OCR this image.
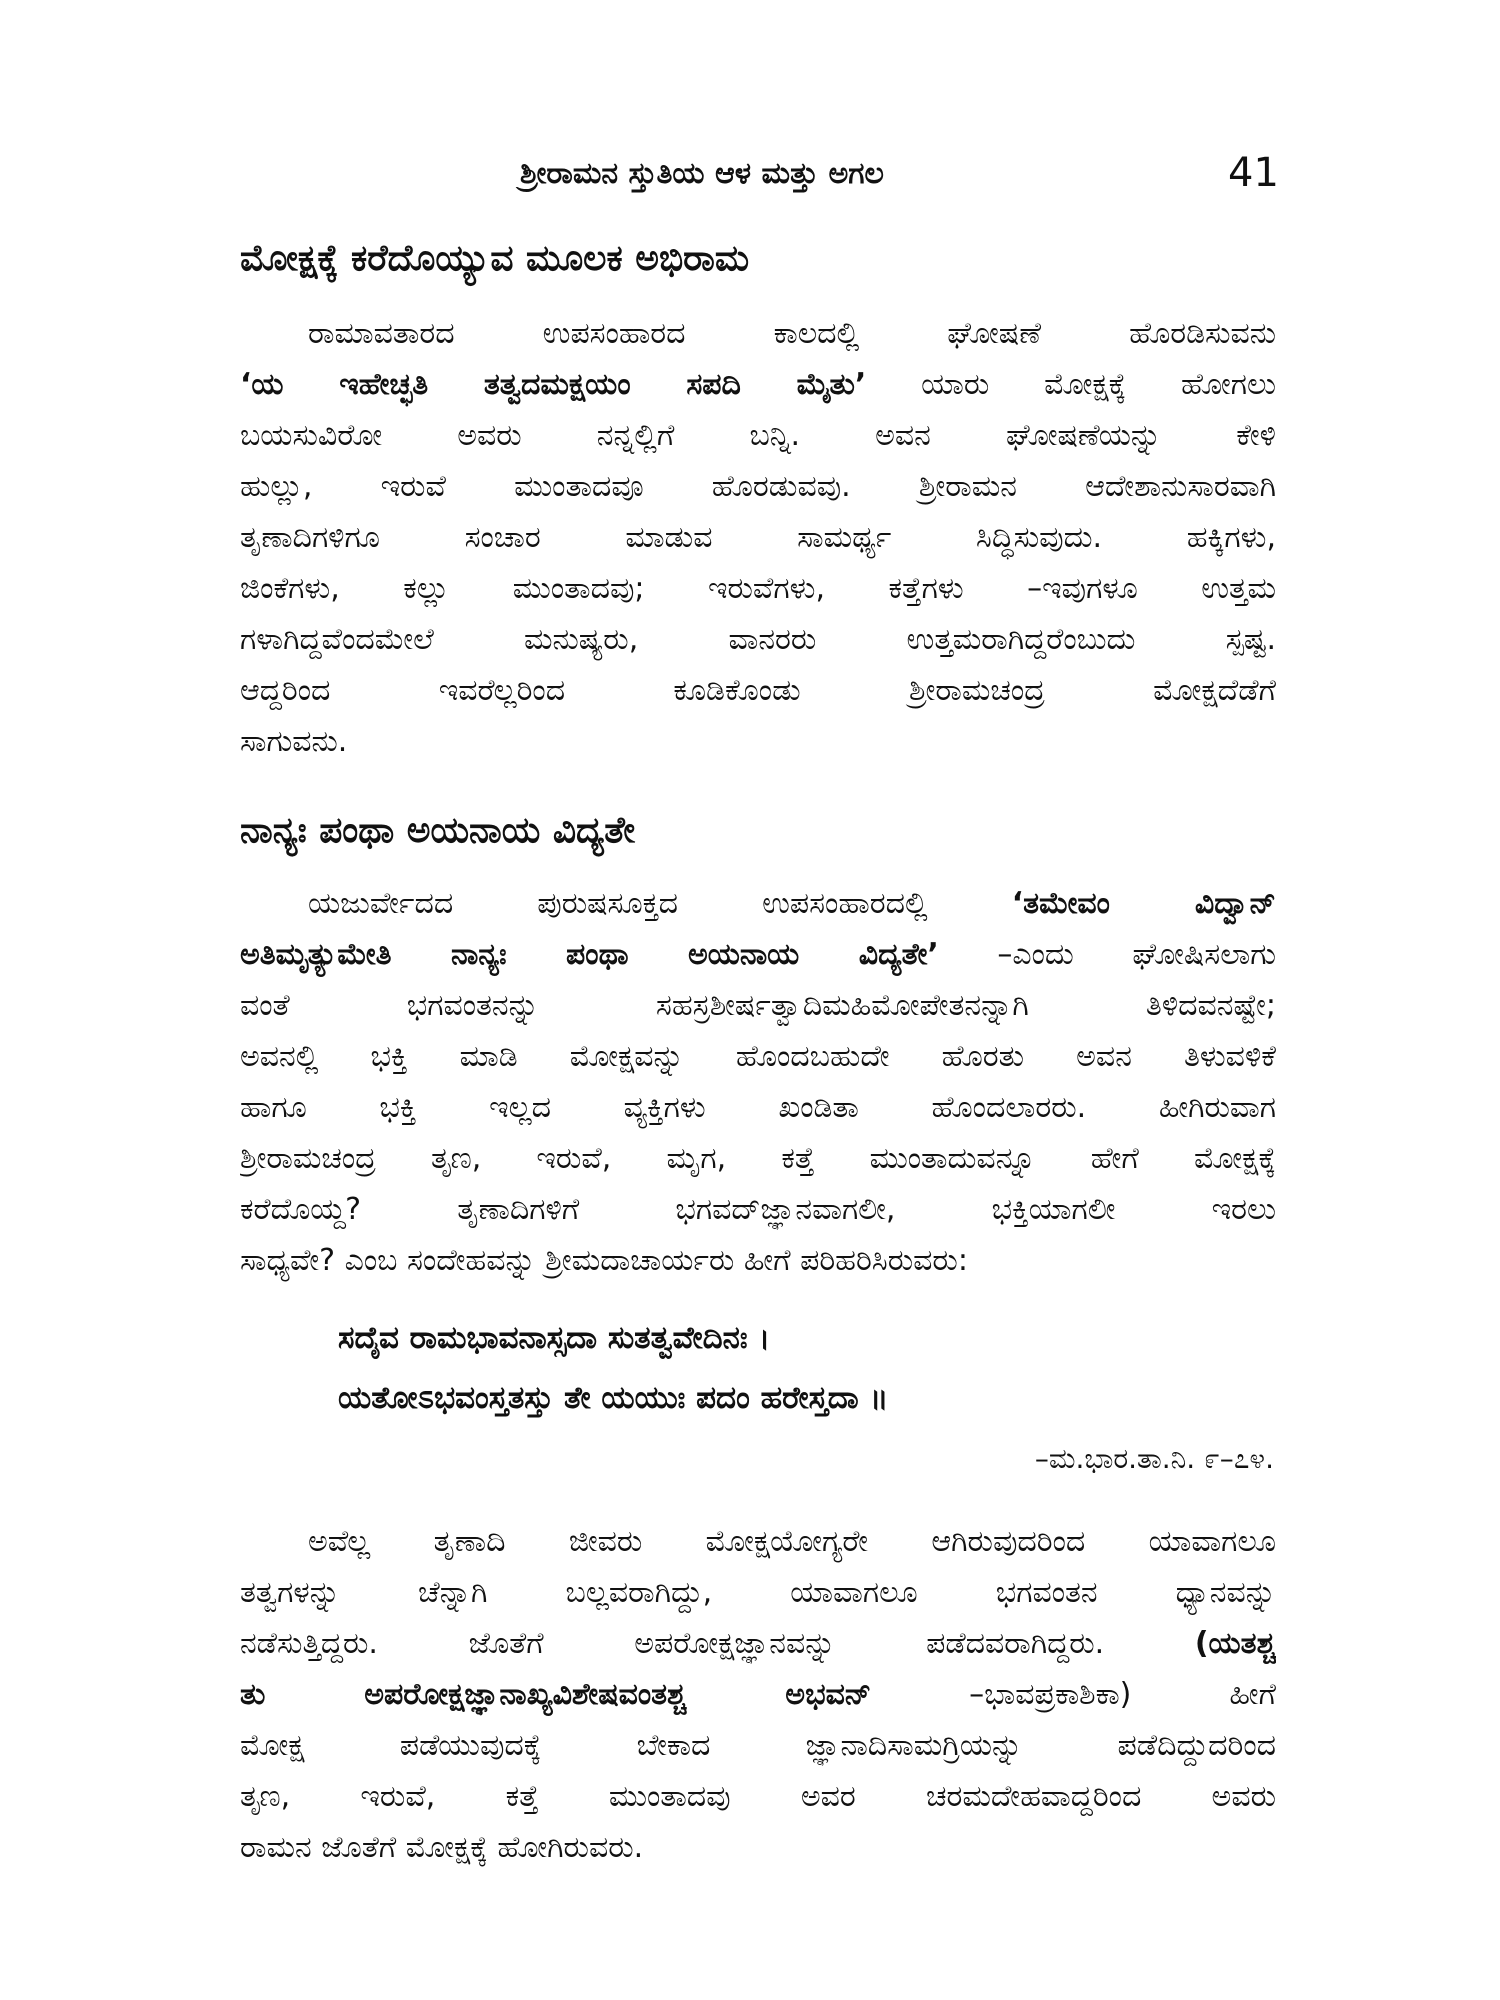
ಶ್ರೀರಾಮನ ಸ್ತುತಿಯ ಆಳ ಮತ್ತು ಅಗಲ	41
ಮೋಕ್ಷಕ್ಕೆ ಕರೆದೊಯ್ಯುವ ಮೂಲಕ ಅಭಿರಾಮ
ರಾಮಾವತಾರದ ಉಪಸಂಹಾರದ ಕಾಲದಲ್ಲಿ ಘೋಷಣೆ ಹೊರಡಿಸುವನು
‘ಯ ಇಹೇಚ್ಛತಿ ತತ್ವದಮಕ್ಷಯಂ ಸಪದಿ ಮೈತು’ ಯಾರು ಮೋಕ್ಷಕ್ಕೆ ಹೋಗಲು
ಬಯಸುವಿರೋ ಅವರು ನನ್ನಲ್ಲಿಗೆ ಬನ್ನಿ. ಅವನ ಘೋಷಣೆಯನ್ನು ಕೇಳಿ
ಹುಲ್ಲು, ಇರುವೆ ಮುಂತಾದವೂ ಹೊರಡುವವು. ಶ್ರೀರಾಮನ ಆದೇಶಾನುಸಾರವಾಗಿ
ತೃಣಾದಿಗಳಿಗೂ ಸಂಚಾರ ಮಾಡುವ ಸಾಮರ್ಥ್ಯ ಸಿದ್ಧಿಸುವುದು. ಹಕ್ಕಿಗಳು,
ಜಿಂಕೆಗಳು, ಕಲ್ಲು ಮುಂತಾದವು; ಇರುವೆಗಳು, ಕತ್ತೆಗಳು –ಇವುಗಳೂ ಉತ್ತಮ
ಗಳಾಗಿದ್ದವೆಂದಮೇಲೆ ಮನುಷ್ಯರು, ವಾನರರು ಉತ್ತಮರಾಗಿದ್ದರೆಂಬುದು ಸ್ಪಷ್ಟ.
ಆದ್ದರಿಂದ ಇವರೆಲ್ಲರಿಂದ ಕೂಡಿಕೊಂಡು ಶ್ರೀರಾಮಚಂದ್ರ ಮೋಕ್ಷದೆಡೆಗೆ
ಸಾಗುವನು.
ನಾನ್ಯಃ ಪಂಥಾ ಅಯನಾಯ ವಿದ್ಯತೇ
ಯಜುರ್ವೇದದ ಪುರುಷಸೂಕ್ತದ ಉಪಸಂಹಾರದಲ್ಲಿ ‘ತಮೇವಂ ವಿದ್ವಾನ್
ಅತಿಮೃತ್ಯುಮೇತಿ ನಾನ್ಯಃ ಪಂಥಾ ಅಯನಾಯ ವಿದ್ಯತೇ’ –ಎಂದು ಘೋಷಿಸಲಾಗು
ವಂತೆ ಭಗವಂತನನ್ನು ಸಹಸ್ರಶೀರ್ಷತ್ವಾದಿಮಹಿಮೋಪೇತನನ್ನಾಗಿ ತಿಳಿದವನಷ್ಟೇ;
ಅವನಲ್ಲಿ ಭಕ್ತಿ ಮಾಡಿ ಮೋಕ್ಷವನ್ನು ಹೊಂದಬಹುದೇ ಹೊರತು ಅವನ ತಿಳುವಳಿಕೆ
ಹಾಗೂ ಭಕ್ತಿ ಇಲ್ಲದ ವ್ಯಕ್ತಿಗಳು ಖಂಡಿತಾ ಹೊಂದಲಾರರು. ಹೀಗಿರುವಾಗ
ಶ್ರೀರಾಮಚಂದ್ರ ತೃಣ, ಇರುವೆ, ಮೃಗ, ಕತ್ತೆ ಮುಂತಾದುವನ್ನೂ ಹೇಗೆ ಮೋಕ್ಷಕ್ಕೆ
ಕರೆದೊಯ್ದ? ತೃಣಾದಿಗಳಿಗೆ ಭಗವದ್‌ಜ್ಞಾನವಾಗಲೀ, ಭಕ್ತಿಯಾಗಲೀ ಇರಲು
ಸಾಧ್ಯವೇ? ಎಂಬ ಸಂದೇಹವನ್ನು ಶ್ರೀಮದಾಚಾರ್ಯರು ಹೀಗೆ ಪರಿಹರಿಸಿರುವರು:
ಸದೈವ ರಾಮಭಾವನಾಸ್ಸದಾ ಸುತತ್ವವೇದಿನಃ ।
ಯತೋಽಭವಂಸ್ತತಸ್ತು ತೇ ಯಯುಃ ಪದಂ ಹರೇಸ್ತದಾ ॥
–ಮ.ಭಾರ.ತಾ.ನಿ. ೯–೭೪.
ಅವೆಲ್ಲ ತೃಣಾದಿ ಜೀವರು ಮೋಕ್ಷಯೋಗ್ಯರೇ ಆಗಿರುವುದರಿಂದ ಯಾವಾಗಲೂ
ತತ್ವಗಳನ್ನು ಚೆನ್ನಾಗಿ ಬಲ್ಲವರಾಗಿದ್ದು, ಯಾವಾಗಲೂ ಭಗವಂತನ ಧ್ಯಾನವನ್ನು
ನಡೆಸುತ್ತಿದ್ದರು. ಜೊತೆಗೆ ಅಪರೋಕ್ಷಜ್ಞಾನವನ್ನು ಪಡೆದವರಾಗಿದ್ದರು. (ಯತಶ್ಚ
ತು ಅಪರೋಕ್ಷಜ್ಞಾನಾಖ್ಯವಿಶೇಷವಂತಶ್ಚ ಅಭವನ್ –ಭಾವಪ್ರಕಾಶಿಕಾ) ಹೀಗೆ
ಮೋಕ್ಷ ಪಡೆಯುವುದಕ್ಕೆ ಬೇಕಾದ ಜ್ಞಾನಾದಿಸಾಮಗ್ರಿಯನ್ನು ಪಡೆದಿದ್ದುದರಿಂದ
ತೃಣ, ಇರುವೆ, ಕತ್ತೆ ಮುಂತಾದವು ಅವರ ಚರಮದೇಹವಾದ್ದರಿಂದ ಅವರು
ರಾಮನ ಜೊತೆಗೆ ಮೋಕ್ಷಕ್ಕೆ ಹೋಗಿರುವರು.
